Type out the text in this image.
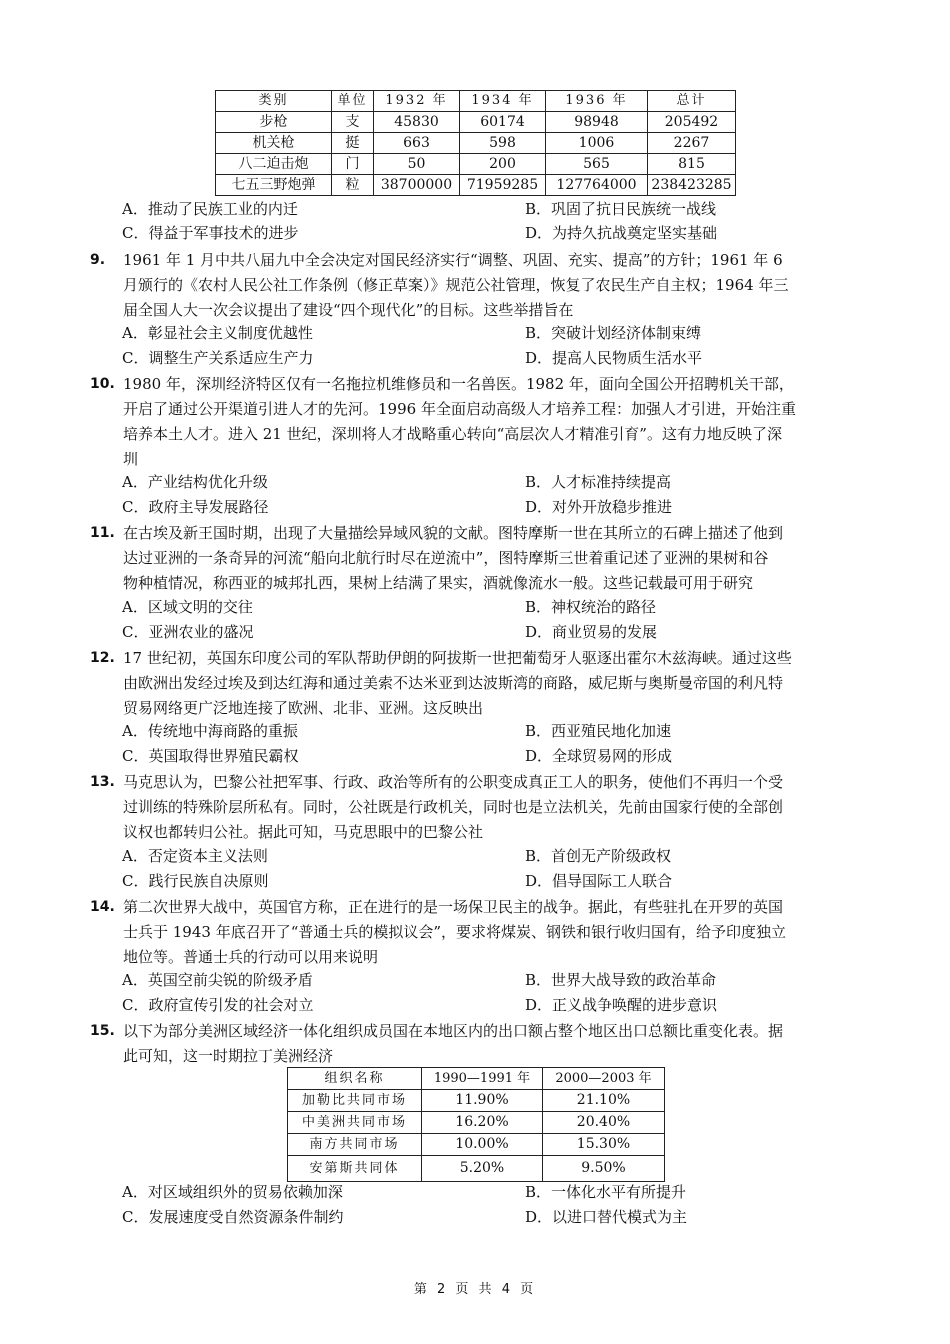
类别	单位	1932 年	1934 年	1936 年	总计
步枪	支	45830	60174	98948	205492
机关枪	挺	663	598	1006	2267
八二迫击炮	门	50	200	565	815
七五三野炮弹	粒	38700000	71959285	127764000	238423285
A．推动了民族工业的内迁	B．巩固了抗日民族统一战线
C．得益于军事技术的进步	D．为持久抗战奠定坚实基础
9. 1961 年 1 月中共八届九中全会决定对国民经济实行“调整、巩固、充实、提高”的方针；1961 年 6
月颁行的《农村人民公社工作条例（修正草案）》规范公社管理，恢复了农民生产自主权；1964 年三
届全国人大一次会议提出了建设“四个现代化”的目标。这些举措旨在
A．彰显社会主义制度优越性	B．突破计划经济体制束缚
C．调整生产关系适应生产力	D．提高人民物质生活水平
10. 1980 年，深圳经济特区仅有一名拖拉机维修员和一名兽医。1982 年，面向全国公开招聘机关干部，
开启了通过公开渠道引进人才的先河。1996 年全面启动高级人才培养工程：加强人才引进，开始注重
培养本土人才。进入 21 世纪，深圳将人才战略重心转向“高层次人才精准引育”。这有力地反映了深
圳
A．产业结构优化升级	B．人才标准持续提高
C．政府主导发展路径	D．对外开放稳步推进
11. 在古埃及新王国时期，出现了大量描绘异域风貌的文献。图特摩斯一世在其所立的石碑上描述了他到
达过亚洲的一条奇异的河流“船向北航行时尽在逆流中”，图特摩斯三世着重记述了亚洲的果树和谷
物种植情况，称西亚的城邦扎西，果树上结满了果实，酒就像流水一般。这些记载最可用于研究
A．区域文明的交往	B．神权统治的路径
C．亚洲农业的盛况	D．商业贸易的发展
12. 17 世纪初，英国东印度公司的军队帮助伊朗的阿拔斯一世把葡萄牙人驱逐出霍尔木兹海峡。通过这些
由欧洲出发经过埃及到达红海和通过美索不达米亚到达波斯湾的商路，威尼斯与奥斯曼帝国的利凡特
贸易网络更广泛地连接了欧洲、北非、亚洲。这反映出
A．传统地中海商路的重振	B．西亚殖民地化加速
C．英国取得世界殖民霸权	D．全球贸易网的形成
13. 马克思认为，巴黎公社把军事、行政、政治等所有的公职变成真正工人的职务，使他们不再归一个受
过训练的特殊阶层所私有。同时，公社既是行政机关，同时也是立法机关，先前由国家行使的全部创
议权也都转归公社。据此可知，马克思眼中的巴黎公社
A．否定资本主义法则	B．首创无产阶级政权
C．践行民族自决原则	D．倡导国际工人联合
14. 第二次世界大战中，英国官方称，正在进行的是一场保卫民主的战争。据此，有些驻扎在开罗的英国
士兵于 1943 年底召开了“普通士兵的模拟议会”，要求将煤炭、钢铁和银行收归国有，给予印度独立
地位等。普通士兵的行动可以用来说明
A．英国空前尖锐的阶级矛盾	B．世界大战导致的政治革命
C．政府宣传引发的社会对立	D．正义战争唤醒的进步意识
15. 以下为部分美洲区域经济一体化组织成员国在本地区内的出口额占整个地区出口总额比重变化表。据
此可知，这一时期拉丁美洲经济
组织名称	1990—1991 年	2000—2003 年
加勒比共同市场	11.90%	21.10%
中美洲共同市场	16.20%	20.40%
南方共同市场	10.00%	15.30%
安第斯共同体	5.20%	9.50%
A．对区域组织外的贸易依赖加深	B．一体化水平有所提升
C．发展速度受自然资源条件制约	D．以进口替代模式为主
第 2 页 共 4 页
